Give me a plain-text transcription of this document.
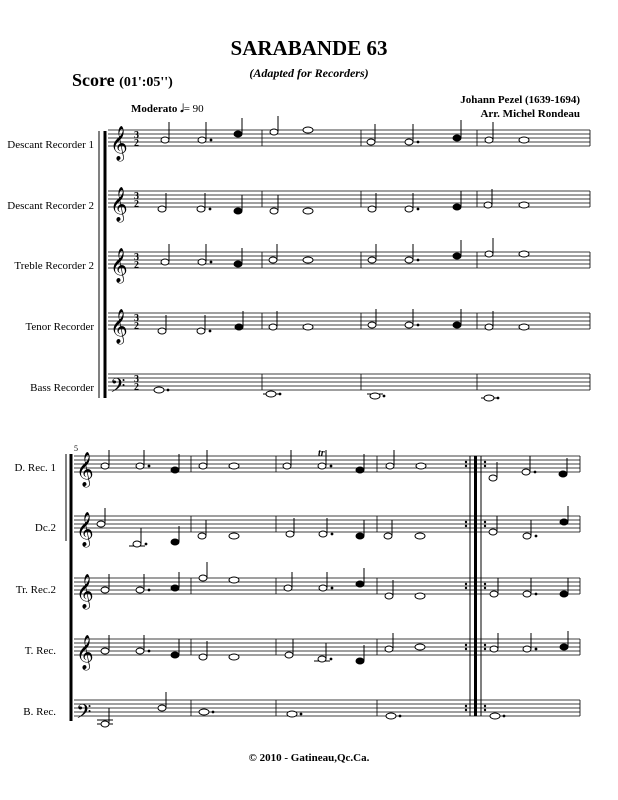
SARABANDE 63
(Adapted for Recorders)
Score (01':05'')
Johann Pezel (1639-1694)
Arr. Michel Rondeau
Moderato 𝅗𝅥= 90
Descant Recorder 1
Descant Recorder 2
Treble Recorder 2
Tenor Recorder
Bass Recorder
D. Rec. 1
Dc.2
Tr. Rec.2
T. Rec.
B. Rec.
𝄞
𝄞
𝄞
𝄞
𝄢
3
2
3
2
3
2
3
2
3
2
5
𝄞
𝄞
𝄞
𝄞
𝄢
tr
© 2010 - Gatineau,Qc.Ca.
